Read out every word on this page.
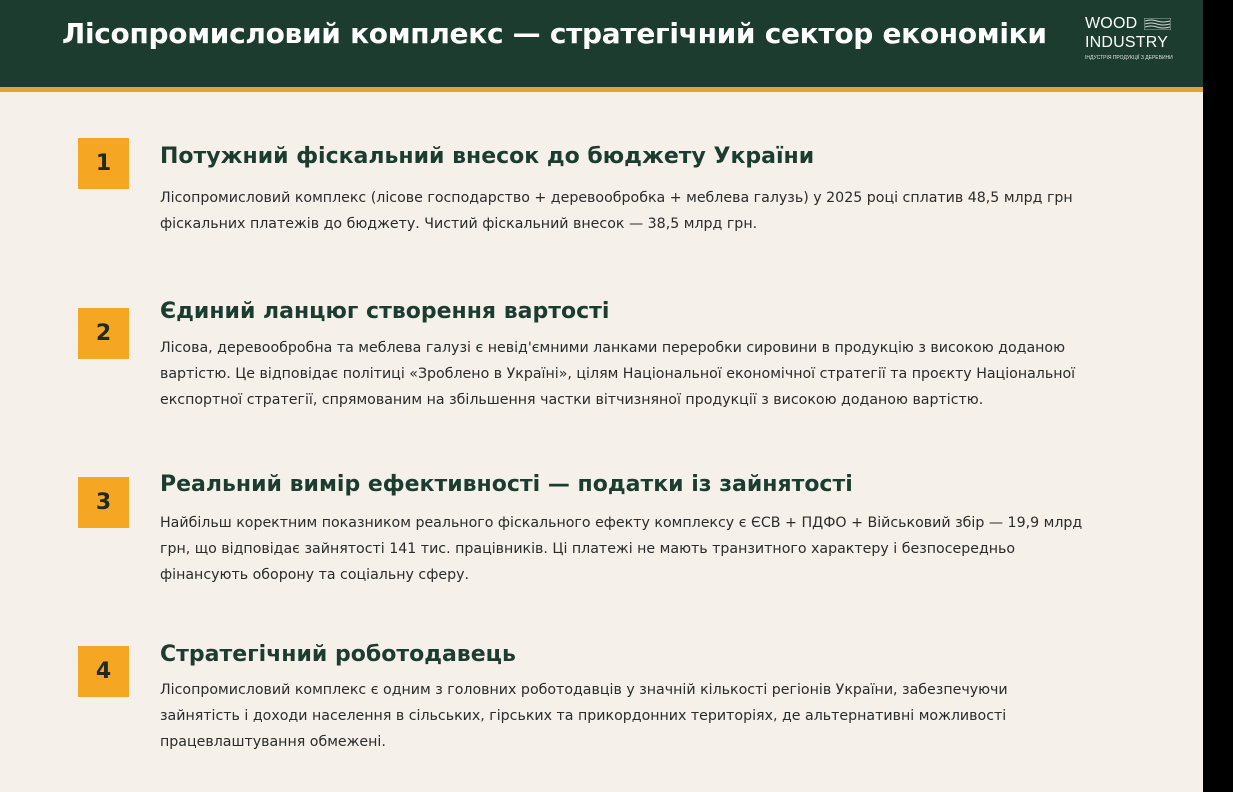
Лісопромисловий комплекс — стратегічний сектор економіки WOOD
INDUSTRY
ІНДУСТРІЯ ПРОДУКЦІЇ З ДЕРЕВИНИ
1	Потужний фіскальний внесок до бюджету України
Лісопромисловий комплекс (лісове господарство + деревообробка + меблева галузь) у 2025 році сплатив 48,5 млрд грн фіскальних платежів до бюджету. Чистий фіскальний внесок — 38,5 млрд грн.
2
Єдиний ланцюг створення вартості
Лісова, деревообробна та меблева галузі є невід'ємними ланками переробки сировини в продукцію з високою доданою вартістю. Це відповідає політиці «Зроблено в Україні», цілям Національної економічної стратегії та проєкту Національної експортної стратегії, спрямованим на збільшення частки вітчизняної продукції з високою доданою вартістю.
3
Реальний вимір ефективності — податки із зайнятості
Найбільш коректним показником реального фіскального ефекту комплексу є ЄСВ + ПДФО + Військовий збір — 19,9 млрд грн, що відповідає зайнятості 141 тис. працівників. Ці платежі не мають транзитного характеру і безпосередньо фінансують оборону та соціальну сферу.
4
Стратегічний роботодавець
Лісопромисловий комплекс є одним з головних роботодавців у значній кількості регіонів України, забезпечуючи зайнятість і доходи населення в сільських, гірських та прикордонних територіях, де альтернативні можливості працевлаштування обмежені.
